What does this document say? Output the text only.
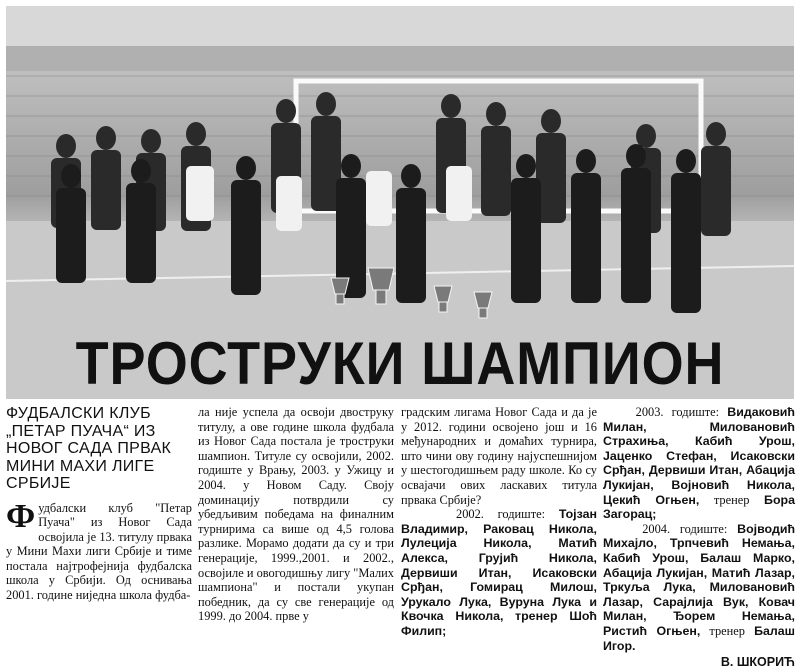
ТРОСТРУКИ ШАМПИОН
ФУДБАЛСКИ КЛУБ „ПЕТАР ПУАЧА“ ИЗ НОВОГ САДА ПРВАК МИНИ МАХИ ЛИГЕ СРБИЈЕ

Фудбалски клуб "Петар Пуача" из Новог Сада освојила је 13. титулу првака у Мини Махи лиги Србије и тиме постала најтрофејнија фудбалска школа у Србији. Од оснивања 2001. године ниједна школа фудба-

ла није успела да освоји двоструку титулу, а ове године школа фудбала из Новог Сада постала је троструки шампион. Титуле су освојили, 2002. годиште у Врању, 2003. у Ужицу и 2004. у Новом Саду. Своју доминацију потврдили су убедљивим победама на финалним турнирима са више од 4,5 голова разлике. Морамо додати да су и три генерације, 1999.,2001. и 2002., освојиле и овогодишњу лигу "Малих шампиона" и постали укупан победник, да су све генерације од 1999. до 2004. прве у

градским лигама Новог Сада и да је у 2012. години освојено још и 16 међународних и домаћих турнира, што чини ову годину најуспешнијом у шестогодишњем раду школе. Ко су освајачи ових ласкавих титула првака Србије?

2002. годиште: Тојзан Владимир, Раковац Никола, Лулеција Никола, Матић Алекса, Грујић Никола, Дервиши Итан, Исаковски Срђан, Гомирац Милош, Урукало Лука, Вуруна Лука и Квочка Никола, тренер Шоћ Филип;

2003. годиште: Видаковић Милан, Миловановић Страхиња, Кабић Урош, Јаценко Стефан, Исаковски Срђан, Дервиши Итан, Абација Лукијан, Војновић Никола, Цекић Огњен, тренер Бора Загорац;

2004. годиште: Војводић Михајло, Трпчевић Немања, Кабић Урош, Балаш Марко, Абација Лукијан, Матић Лазар, Тркуља Лука, Миловановић Лазар, Сарајлија Вук, Ковач Милан, Ђорем Немања, Ристић Огњен, тренер Балаш Игор.

В. ШКОРИЋ
